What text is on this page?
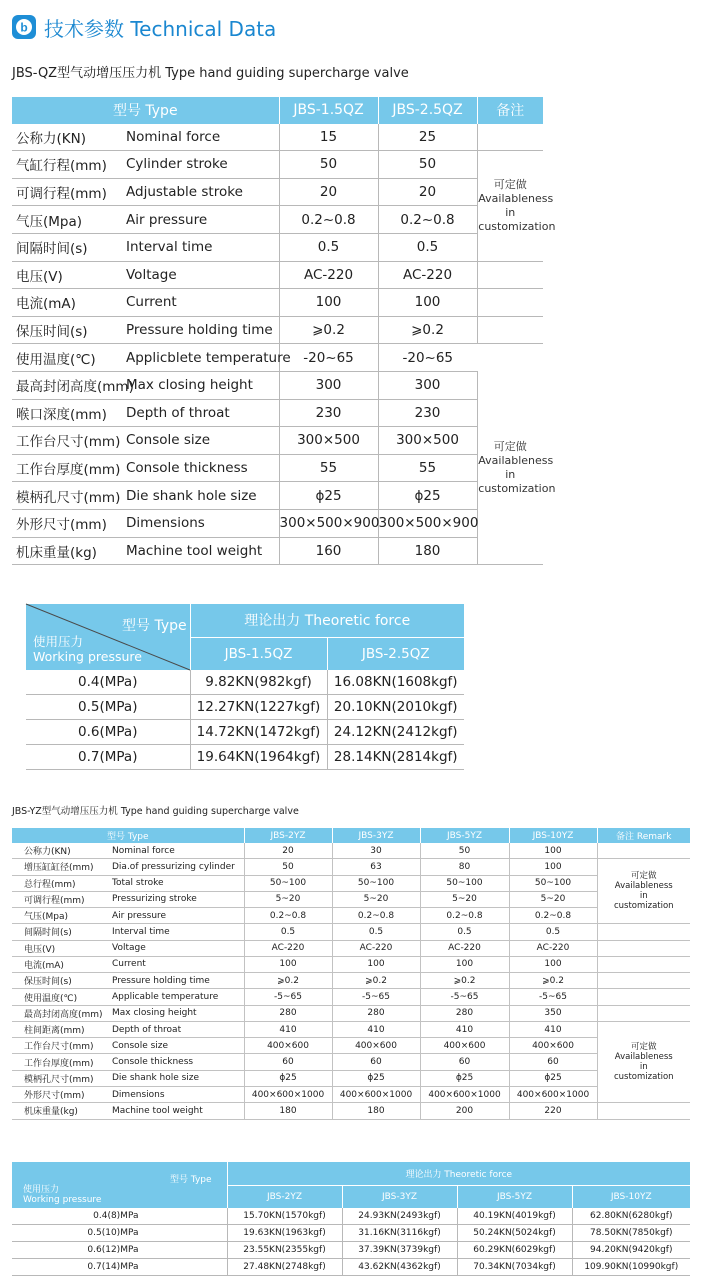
b 技术参数 Technical Data
JBS-QZ型气动增压压力机 Type hand guiding supercharge valve
型号 Type		JBS-1.5QZ	JBS-2.5QZ	备注
公称力(KN)	Nominal force	15	25	
气缸行程(mm)	Cylinder stroke	50	50	可定做
Availableness
in
customization

可调行程(mm)	Adjustable stroke	20	20	
气压(Mpa)	Air pressure	0.2~0.8	0.2~0.8	
间隔时间(s)	Interval time	0.5	0.5	
电压(V)	Voltage	AC-220	AC-220	
电流(mA)	Current	100	100	
保压时间(s)	Pressure holding time	⩾0.2	⩾0.2	
使用温度(℃)	Applicblete temperature	-20~65	-20~65	
最高封闭高度(mm)	Max closing height	300	300	可定做
Availableness
in
customization

喉口深度(mm)	Depth of throat	230	230	
工作台尺寸(mm)	Console size	300×500	300×500	
工作台厚度(mm)	Console thickness	55	55	
模柄孔尺寸(mm)	Die shank hole size	ϕ25	ϕ25	
外形尺寸(mm)	Dimensions	300×500×900	300×500×900	
机床重量(kg)	Machine tool weight	160	180	
型号 Type
使用压力
Working pressure	理论出力 Theoretic force	
	JBS-1.5QZ	JBS-2.5QZ
0.4(MPa)	9.82KN(982kgf)	16.08KN(1608kgf)
0.5(MPa)	12.27KN(1227kgf)	20.10KN(2010kgf)
0.6(MPa)	14.72KN(1472kgf)	24.12KN(2412kgf)
0.7(MPa)	19.64KN(1964kgf)	28.14KN(2814kgf)
JBS-YZ型气动增压压力机 Type hand guiding supercharge valve
型号 Type		JBS-2YZ	JBS-3YZ	JBS-5YZ	JBS-10YZ	备注 Remark
公称力(KN)	Nominal force	20	30	50	100	
增压缸缸径(mm)	Dia.of pressurizing cylinder	50	63	80	100	可定做
Availableness in
customization

总行程(mm)	Total stroke	50~100	50~100	50~100	50~100	
可调行程(mm)	Pressurizing stroke	5~20	5~20	5~20	5~20	
气压(Mpa)	Air pressure	0.2~0.8	0.2~0.8	0.2~0.8	0.2~0.8	
间隔时间(s)	Interval time	0.5	0.5	0.5	0.5	
电压(V)	Voltage	AC-220	AC-220	AC-220	AC-220	
电流(mA)	Current	100	100	100	100	
保压时间(s)	Pressure holding time	⩾0.2	⩾0.2	⩾0.2	⩾0.2	
使用温度(℃)	Applicable temperature	-5~65	-5~65	-5~65	-5~65	
最高封闭高度(mm)	Max closing height	280	280	280	350	
柱间距离(mm)	Depth of throat	410	410	410	410	可定做
Availableness in
customization

工作台尺寸(mm)	Console size	400×600	400×600	400×600	400×600	
工作台厚度(mm)	Console thickness	60	60	60	60	
模柄孔尺寸(mm)	Die shank hole size	ϕ25	ϕ25	ϕ25	ϕ25	
外形尺寸(mm)	Dimensions	400×600×1000	400×600×1000	400×600×1000	400×600×1000	
机床重量(kg)	Machine tool weight	180	180	200	220	
型号 Type
使用压力
Working pressure	理论出力 Theoretic force			
	JBS-2YZ	JBS-3YZ	JBS-5YZ	JBS-10YZ
0.4(8)MPa	15.70KN(1570kgf)	24.93KN(2493kgf)	40.19KN(4019kgf)	62.80KN(6280kgf)
0.5(10)MPa	19.63KN(1963kgf)	31.16KN(3116kgf)	50.24KN(5024kgf)	78.50KN(7850kgf)
0.6(12)MPa	23.55KN(2355kgf)	37.39KN(3739kgf)	60.29KN(6029kgf)	94.20KN(9420kgf)
0.7(14)MPa	27.48KN(2748kgf)	43.62KN(4362kgf)	70.34KN(7034kgf)	109.90KN(10990kgf)
